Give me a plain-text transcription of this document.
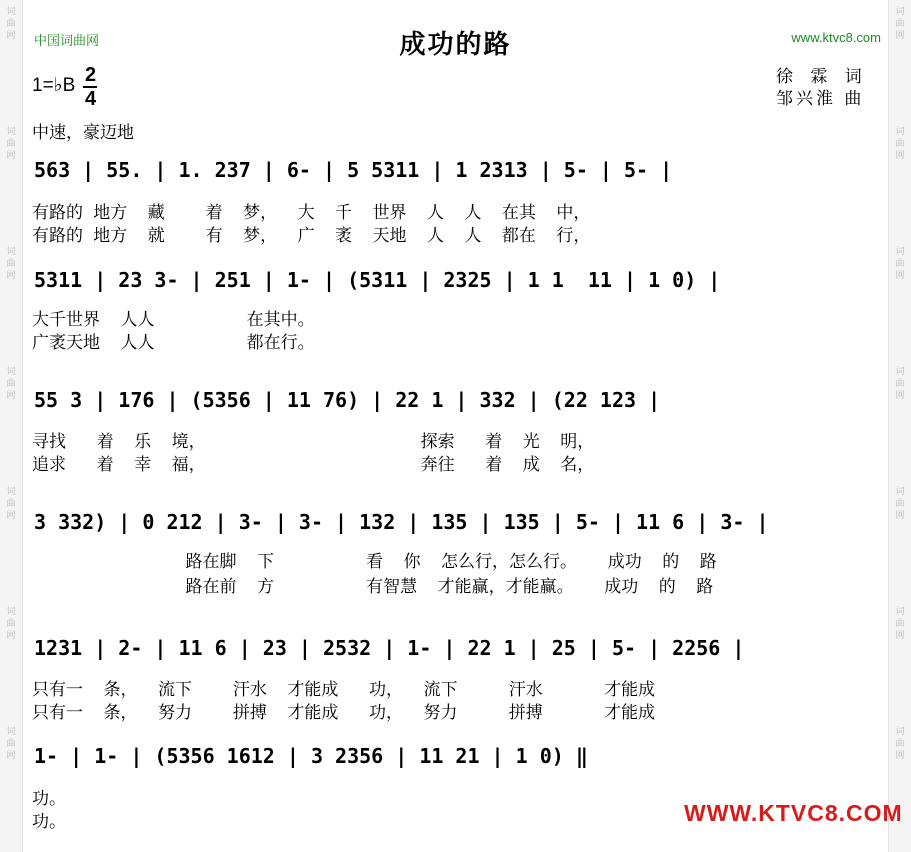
词曲网
词曲网
词曲网
词曲网
词曲网
词曲网
词曲网
词曲网
词曲网
词曲网
词曲网
词曲网
词曲网
词曲网
中国词曲网	成功的路	www.ktvc8.com
徐 霖 词
邹兴淮 曲
1=♭B 2
4
中速，豪迈地
563 | 55. | 1. 237 | 6- | 5 5311 | 1 2313 | 5- | 5- |
有路的 地方  藏    着  梦，  大  千  世界  人  人  在其  中，
有路的 地方  就    有  梦，  广  袤  天地  人  人  都在  行，
5311 | 23 3- | 251 | 1- | (5311 | 2325 | 1 1  11 | 1 0) |
大千世界  人人         在其中。
广袤天地  人人         都在行。
55 3 | 176 | (5356 | 11 76) | 22 1 | 332 | (22 123 |
寻找   着  乐  境，                     探索   着  光  明，
追求   着  幸  福，                     奔往   着  成  名，
3 332) | 0 212 | 3- | 3- | 132 | 135 | 135 | 5- | 11 6 | 3- |
路在脚  下         看  你  怎么行，怎么行。   成功  的  路
路在前  方         有智慧  才能赢，才能赢。   成功  的  路
1231 | 2- | 11 6 | 23 | 2532 | 1- | 22 1 | 25 | 5- | 2256 |
只有一  条，  流下    汗水  才能成   功，  流下     汗水      才能成
只有一  条，  努力    拼搏  才能成   功，  努力     拼搏      才能成
1- | 1- | (5356 1612 | 3 2356 | 11 21 | 1 0) ‖
功。
功。	WWW.KTVC8.COM
